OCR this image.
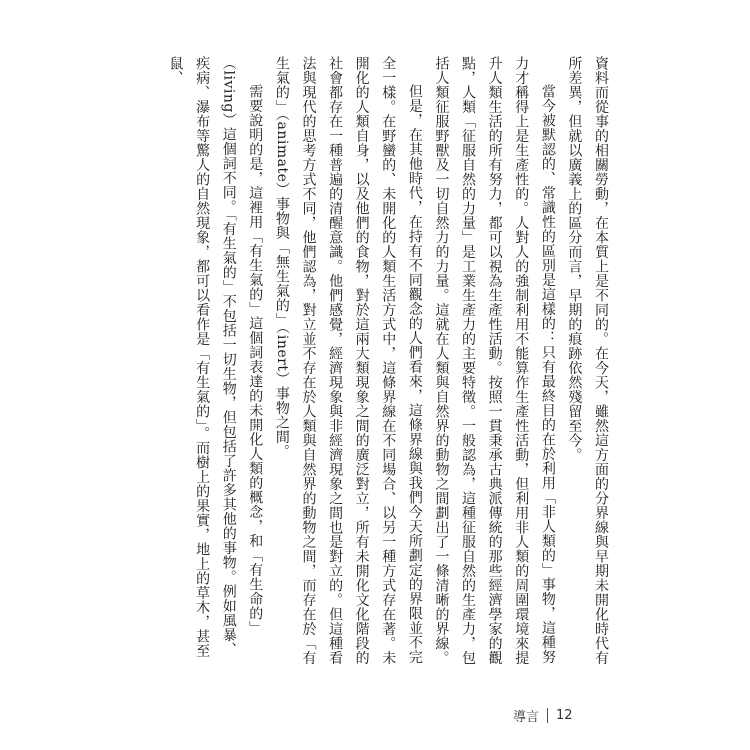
資料而從事的相關勞動，在本質上是不同的。在今天，雖然這方面的分界線與早期未開化時代有所差異，但就以廣義上的區分而言，早期的痕跡依然殘留至今。

當今被默認的、常識性的區別是這樣的：只有最終目的在於利用「非人類的」事物，這種努力才稱得上是生產性的。人對人的強制利用不能算作生產性活動，但利用非人類的周圍環境來提升人類生活的所有努力，都可以視為生產性活動。按照一貫秉承古典派傳統的那些經濟學家的觀點，人類「征服自然的力量」是工業生產力的主要特徵。一般認為，這種征服自然的生產力，包括人類征服野獸及一切自然力的力量。這就在人類與自然界的動物之間劃出了一條清晰的界線。

但是，在其他時代，在持有不同觀念的人們看來，這條界線與我們今天所劃定的界限並不完全一樣。在野蠻的、未開化的人類生活方式中，這條界線在不同場合、以另一種方式存在著。未開化的人類自身，以及他們的食物，對於這兩大類現象之間的廣泛對立，所有未開化文化階段的社會都存在一種普遍的清醒意識。他們感覺，經濟現象與非經濟現象之間也是對立的。但這種看法與現代的思考方式不同，他們認為，對立並不存在於人類與自然界的動物之間，而存在於「有生氣的」（animate）事物與「無生氣的」（inert）事物之間。

需要說明的是，這裡用「有生氣的」這個詞表達的未開化人類的概念，和「有生命的」（living）這個詞不同。「有生氣的」不包括一切生物，但包括了許多其他的事物。例如風暴、疾病、瀑布等驚人的自然現象，都可以看作是「有生氣的」。而樹上的果實，地上的草木，甚至鼠、

導言 12
